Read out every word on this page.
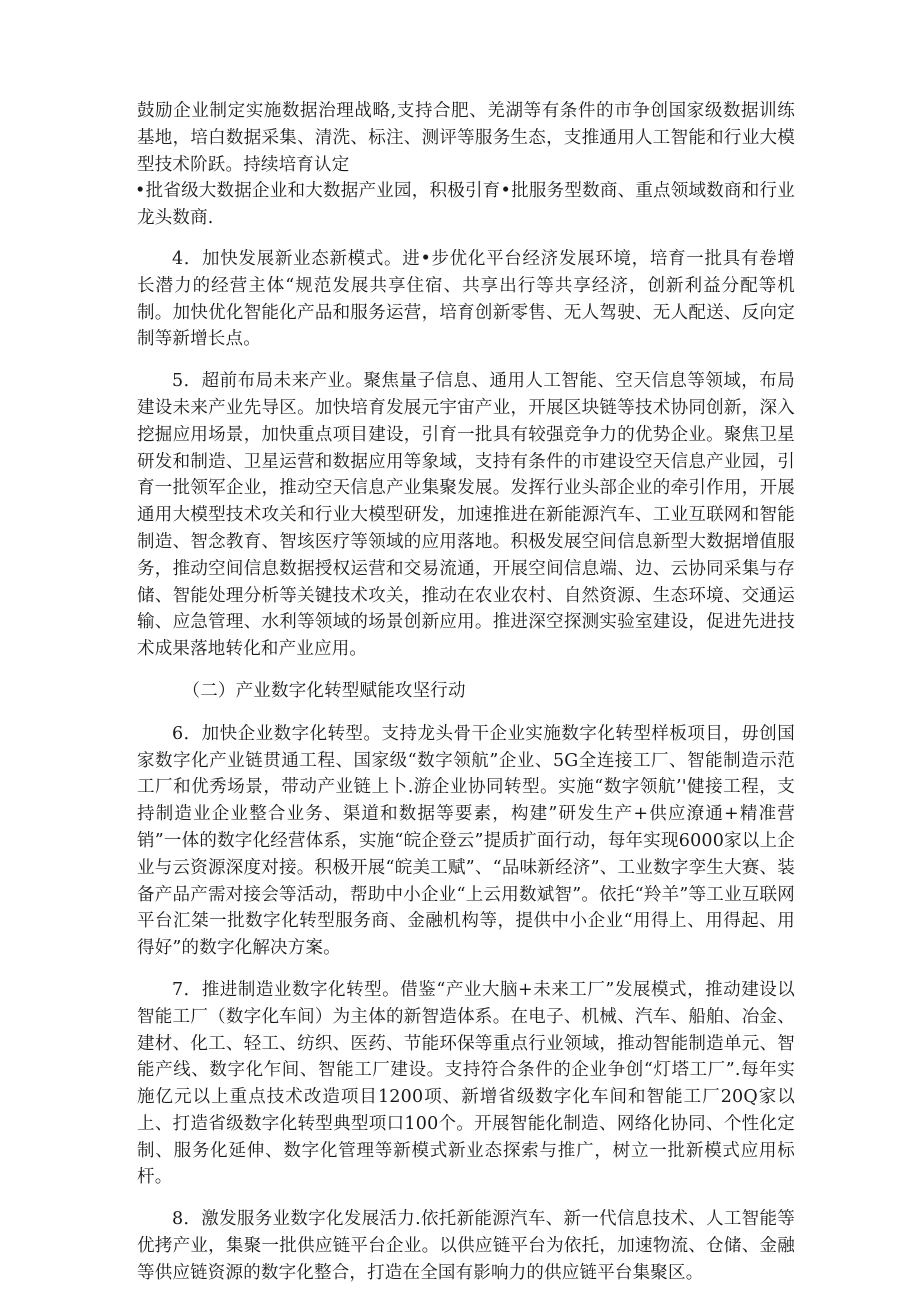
鼓励企业制定实施数据治理战略,支持合肥、羌湖等有条件的市争创国家级数据训练基地，培白数据采集、清洗、标注、测评等服务生态，支推通用人工智能和行业大模型技术阶跃。持续培育认定

•批省级大数据企业和大数据产业园，积极引育•批服务型数商、重点领域数商和行业龙头数商.

4．加快发展新业态新模式。进•步优化平台经济发展环境，培育一批具有卷增长潜力的经营主体“规范发展共享住宿、共享出行等共享经济，创新利益分配等机制。加快优化智能化产品和服务运营，培育创新零售、无人驾驶、无人配送、反向定制等新增长点。

5．超前布局未来产业。聚焦量子信息、通用人工智能、空天信息等领域，布局建设未来产业先导区。加快培育发展元宇宙产业，开展区块链等技术协同创新，深入挖掘应用场景，加快重点项目建设，引育一批具有较强竞争力的优势企业。聚焦卫星研发和制造、卫星运营和数据应用等象域，支持有条件的市建设空天信息产业园，引育一批领军企业，推动空天信息产业集聚发展。发挥行业头部企业的牵引作用，开展通用大模型技术攻关和行业大模型研发，加速推进在新能源汽车、工业互联网和智能制造、智念教育、智垓医疗等领域的应用落地。积极发展空间信息新型大数据增值服务，推动空间信息数据授权运营和交易流通，开展空间信息端、边、云协同采集与存储、智能处理分析等关键技术攻关，推动在农业农村、自然资源、生态环境、交通运输、应急管理、水利等领域的场景创新应用。推进深空探测实验室建设，促进先进技术成果落地转化和产业应用。

（二）产业数字化转型赋能攻坚行动

6．加快企业数字化转型。支持龙头骨干企业实施数字化转型样板项目，毋创国家数字化产业链贯通工程、国家级“数字领航”企业、5G全连接工厂、智能制造示范工厂和优秀场景，带动产业链上卜.游企业协同转型。实施“数字领航’'健接工程，支持制造业企业整合业务、渠道和数据等要素，构建”研发生产+供应潦通+精准营销”一体的数字化经营体系，实施“皖企登云”提质扩面行动，每年实现6000家以上企业与云资源深度对接。积极开展“皖美工赋”、“品味新经济”、工业数字孪生大赛、装备产品产需对接会等活动，帮助中小企业“上云用数斌智”。依托“羚羊”等工业互联网平台汇桀一批数字化转型服务商、金融机构等，提供中小企业“用得上、用得起、用得好”的数字化解决方案。

7．推进制造业数字化转型。借鉴“产业大脑+未来工厂”发展模式，推动建设以智能工厂（数字化车间）为主体的新智造体系。在电子、机械、汽车、船舶、冶金、建材、化工、轻工、纺织、医药、节能环保等重点行业领域，推动智能制造单元、智能产线、数字化乍间、智能工厂建设。支持符合条件的企业争创“灯塔工厂”.每年实施亿元以上重点技术改造项目1200项、新增省级数字化车间和智能工厂20Q家以上、打造省级数字化转型典型项口100个。开展智能化制造、网络化协同、个性化定制、服务化延伸、数字化管理等新模式新业态探索与推广，树立一批新模式应用标杆。

8．激发服务业数字化发展活力.依托新能源汽车、新一代信息技术、人工智能等优拷产业，集聚一批供应链平台企业。以供应链平台为依托，加速物流、仓储、金融等供应链资源的数字化整合，打造在全国有影响力的供应链平台集聚区。
